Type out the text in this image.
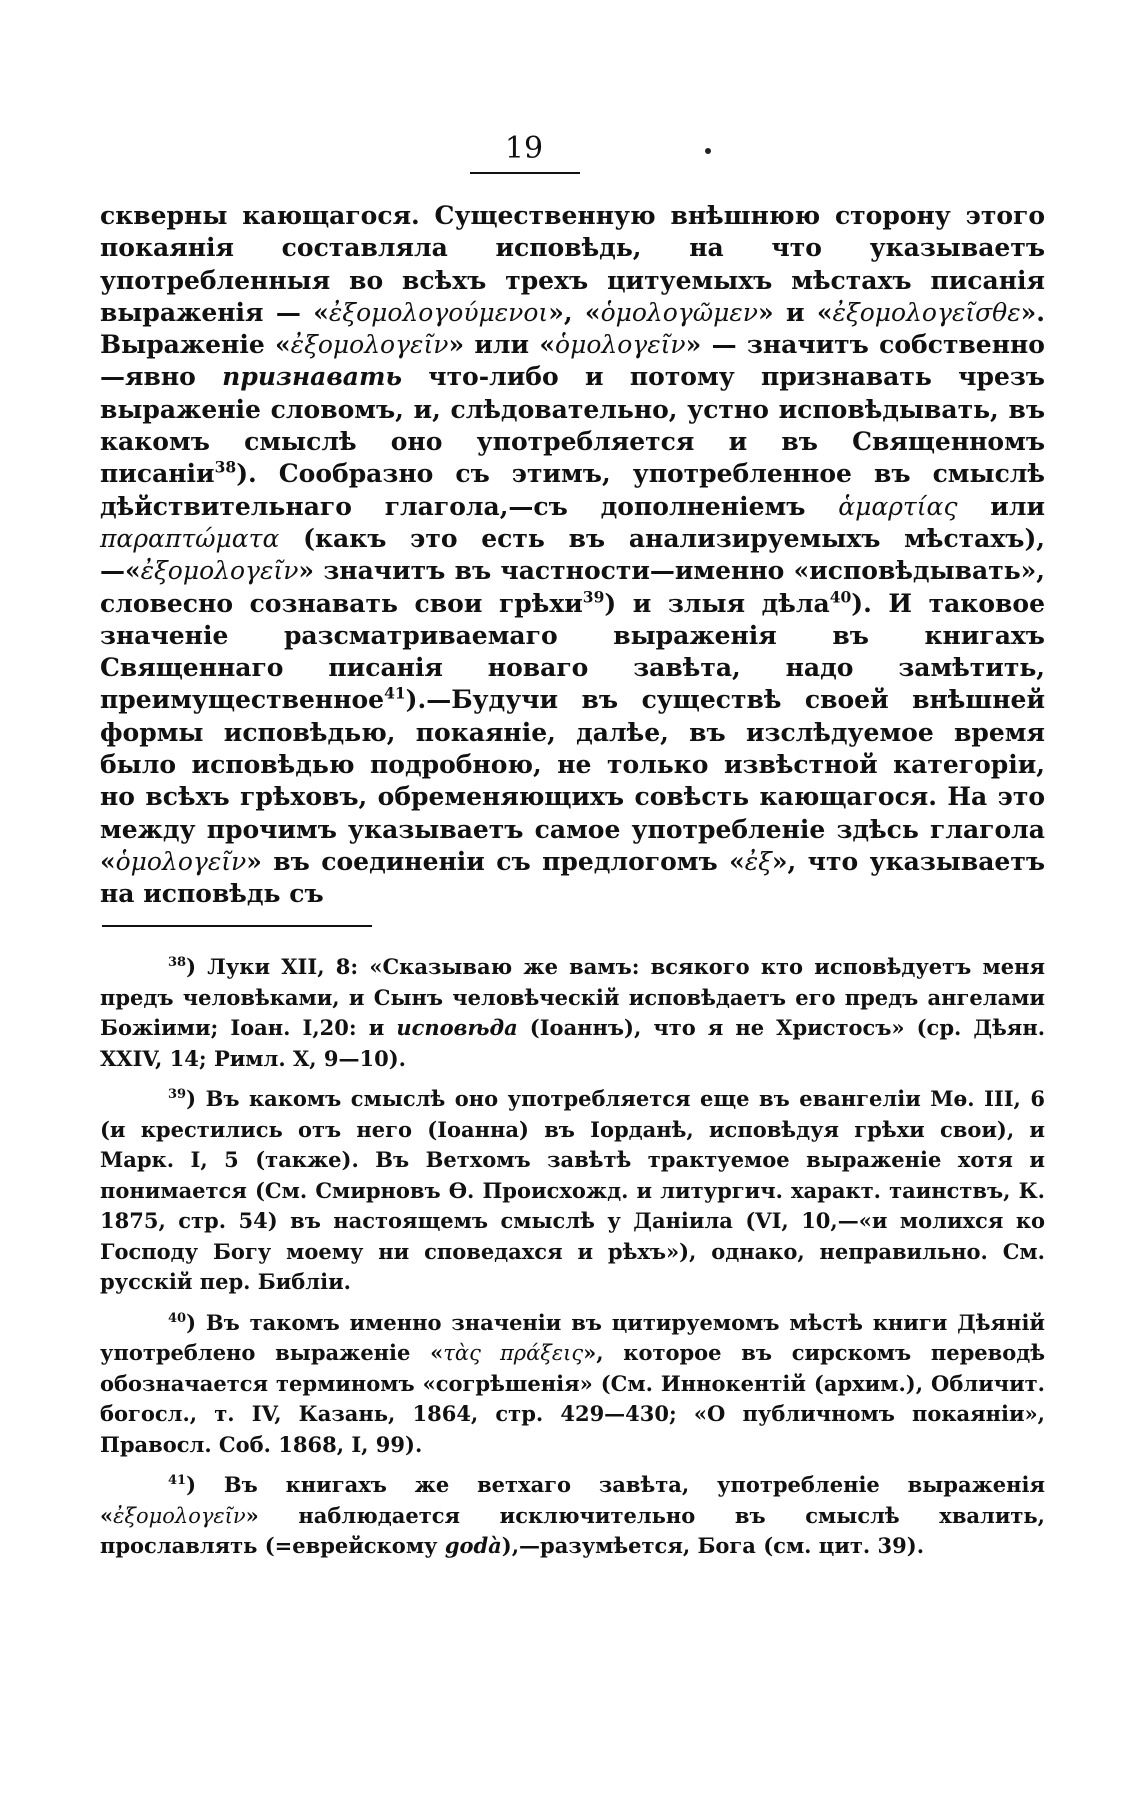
19

скверны кающагося. Существенную внѣшнюю сторону этого покаянія составляла исповѣдь, на что указываетъ употребленныя во всѣхъ трехъ цитуемыхъ мѣстахъ писанія выраженія — «ἐξομολογούμενοι», «ὁμολογῶμεν» и «ἐξομολογεῖσθε». Выраженіе «ἐξομολογεῖν» или «ὁμολογεῖν» — значитъ собственно—явно признавать что-либо и потому признавать чрезъ выраженіе словомъ, и, слѣдовательно, устно исповѣдывать, въ какомъ смыслѣ оно употребляется и въ Священномъ писаніи$^{38}$). Сообразно съ этимъ, употребленное въ смыслѣ дѣйствительнаго глагола,—съ дополненіемъ ἁμαρτίας или παραπτώματα (какъ это есть въ анализируемыхъ мѣстахъ),—«ἐξομολογεῖν» значитъ въ частности—именно «исповѣдывать», словесно сознавать свои грѣхи$^{39}$) и злыя дѣла$^{40}$). И таковое значеніе разсматриваемаго выраженія въ книгахъ Священнаго писанія новаго завѣта, надо замѣтить, преимущественное$^{41}$).—Будучи въ существѣ своей внѣшней формы исповѣдью, покаяніе, далѣе, въ изслѣдуемое время было исповѣдью подробною, не только извѣстной категоріи, но всѣхъ грѣховъ, обременяющихъ совѣсть кающагося. На это между прочимъ указываетъ самое употребленіе здѣсь глагола «ὁμολογεῖν» въ соединеніи съ предлогомъ «ἐξ», что указываетъ на исповѣдь съ

$^{38}$) Луки XII, 8: «Сказываю же вамъ: всякого кто исповѣдуетъ меня предъ человѣками, и Сынъ человѣческій исповѣдаетъ его предъ ангелами Божіими; Іоан. I,20: и исповѣда (Іоаннъ), что я не Христосъ» (ср. Дѣян. XXIV, 14; Римл. X, 9—10).

$^{39}$) Въ какомъ смыслѣ оно употребляется еще въ евангеліи Мѳ. III, 6 (и крестились отъ него (Іоанна) въ Іорданѣ, исповѣдуя грѣхи свои), и Марк. I, 5 (также). Въ Ветхомъ завѣтѣ трактуемое выраженіе хотя и понимается (См. Смирновъ Ѳ. Происхожд. и литургич. характ. таинствъ, К. 1875, стр. 54) въ настоящемъ смыслѣ у Даніила (VI, 10,—«и молихся ко Господу Богу моему ни споведахся и рѣхъ»), однако, неправильно. См. русскій пер. Библіи.

$^{40}$) Въ такомъ именно значеніи въ цитируемомъ мѣстѣ книги Дѣяній употреблено выраженіе «τὰς πράξεις», которое въ сирскомъ переводѣ обозначается терминомъ «согрѣшенія» (См. Иннокентій (архим.), Обличит. богосл., т. IV, Казань, 1864, стр. 429—430; «О публичномъ покаяніи», Правосл. Соб. 1868, I, 99).

$^{41}$) Въ книгахъ же ветхаго завѣта, употребленіе выраженія «ἐξομολογεῖν» наблюдается исключительно въ смыслѣ хвалить, прославлять (=еврейскому godà),—разумѣется, Бога (см. цит. 39).
